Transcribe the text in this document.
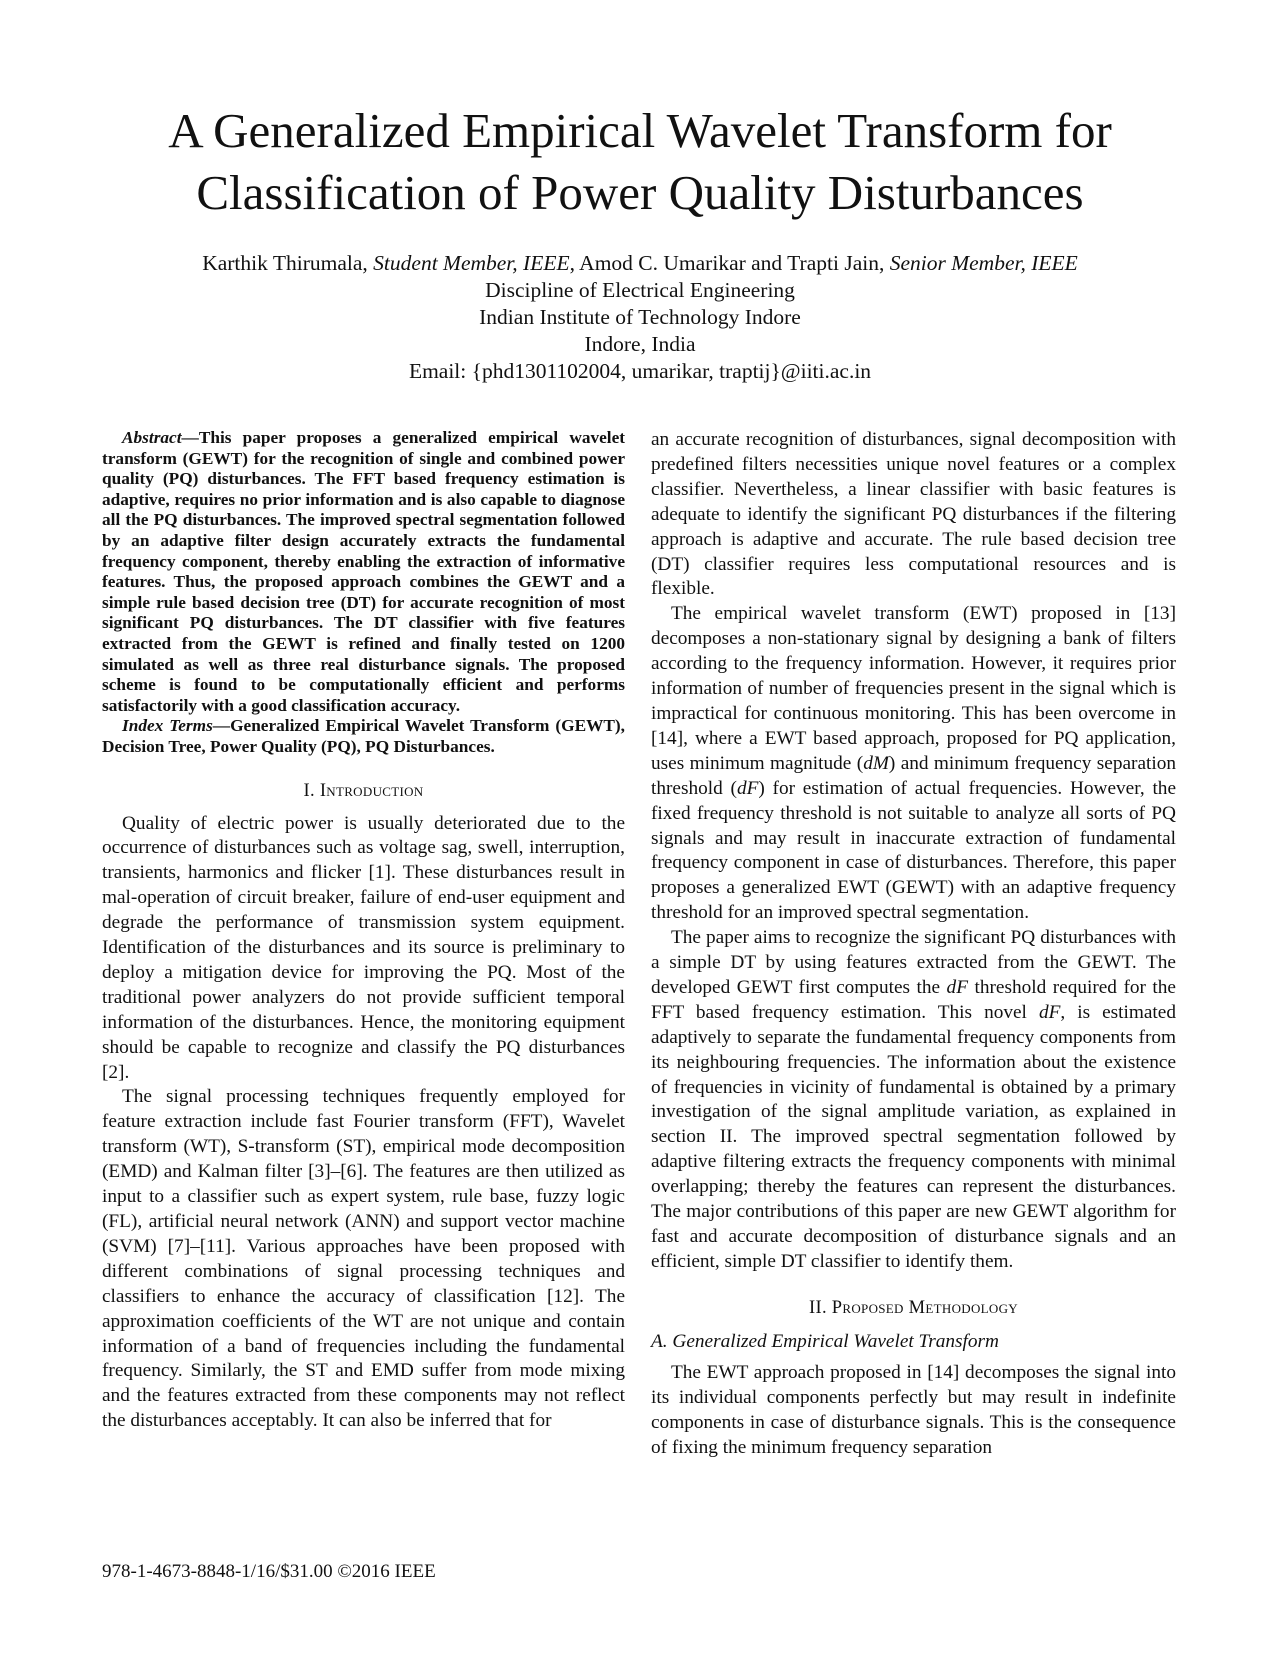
A Generalized Empirical Wavelet Transform for
Classification of Power Quality Disturbances
Karthik Thirumala, Student Member, IEEE, Amod C. Umarikar and Trapti Jain, Senior Member, IEEE
Discipline of Electrical Engineering
Indian Institute of Technology Indore
Indore, India
Email: {phd1301102004, umarikar, traptij}@iiti.ac.in

Abstract—This paper proposes a generalized empirical wavelet transform (GEWT) for the recognition of single and combined power quality (PQ) disturbances. The FFT based frequency estimation is adaptive, requires no prior information and is also capable to diagnose all the PQ disturbances. The improved spectral segmentation followed by an adaptive filter design accurately extracts the fundamental frequency component, thereby enabling the extraction of informative features. Thus, the proposed approach combines the GEWT and a simple rule based decision tree (DT) for accurate recognition of most significant PQ disturbances. The DT classifier with five features extracted from the GEWT is refined and finally tested on 1200 simulated as well as three real disturbance signals. The proposed scheme is found to be computationally efficient and performs satisfactorily with a good classification accuracy.

Index Terms—Generalized Empirical Wavelet Transform (GEWT), Decision Tree, Power Quality (PQ), PQ Disturbances.

I. Introduction

Quality of electric power is usually deteriorated due to the occurrence of disturbances such as voltage sag, swell, interruption, transients, harmonics and flicker [1]. These disturbances result in mal-operation of circuit breaker, failure of end-user equipment and degrade the performance of transmission system equipment. Identification of the disturbances and its source is preliminary to deploy a mitigation device for improving the PQ. Most of the traditional power analyzers do not provide sufficient temporal information of the disturbances. Hence, the monitoring equipment should be capable to recognize and classify the PQ disturbances [2].

The signal processing techniques frequently employed for feature extraction include fast Fourier transform (FFT), Wavelet transform (WT), S-transform (ST), empirical mode decomposition (EMD) and Kalman filter [3]–[6]. The features are then utilized as input to a classifier such as expert system, rule base, fuzzy logic (FL), artificial neural network (ANN) and support vector machine (SVM) [7]–[11]. Various approaches have been proposed with different combinations of signal processing techniques and classifiers to enhance the accuracy of classification [12]. The approximation coefficients of the WT are not unique and contain information of a band of frequencies including the fundamental frequency. Similarly, the ST and EMD suffer from mode mixing and the features extracted from these components may not reflect the disturbances acceptably. It can also be inferred that for

an accurate recognition of disturbances, signal decomposition with predefined filters necessities unique novel features or a complex classifier. Nevertheless, a linear classifier with basic features is adequate to identify the significant PQ disturbances if the filtering approach is adaptive and accurate. The rule based decision tree (DT) classifier requires less computational resources and is flexible.

The empirical wavelet transform (EWT) proposed in [13] decomposes a non-stationary signal by designing a bank of filters according to the frequency information. However, it requires prior information of number of frequencies present in the signal which is impractical for continuous monitoring. This has been overcome in [14], where a EWT based approach, proposed for PQ application, uses minimum magnitude (dM) and minimum frequency separation threshold (dF) for estimation of actual frequencies. However, the fixed frequency threshold is not suitable to analyze all sorts of PQ signals and may result in inaccurate extraction of fundamental frequency component in case of disturbances. Therefore, this paper proposes a generalized EWT (GEWT) with an adaptive frequency threshold for an improved spectral segmentation.

The paper aims to recognize the significant PQ disturbances with a simple DT by using features extracted from the GEWT. The developed GEWT first computes the dF threshold required for the FFT based frequency estimation. This novel dF, is estimated adaptively to separate the fundamental frequency components from its neighbouring frequencies. The information about the existence of frequencies in vicinity of fundamental is obtained by a primary investigation of the signal amplitude variation, as explained in section II. The improved spectral segmentation followed by adaptive filtering extracts the frequency components with minimal overlapping; thereby the features can represent the disturbances. The major contributions of this paper are new GEWT algorithm for fast and accurate decomposition of disturbance signals and an efficient, simple DT classifier to identify them.

II. Proposed Methodology
A. Generalized Empirical Wavelet Transform

The EWT approach proposed in [14] decomposes the signal into its individual components perfectly but may result in indefinite components in case of disturbance signals. This is the consequence of fixing the minimum frequency separation

978-1-4673-8848-1/16/$31.00 ©2016 IEEE
